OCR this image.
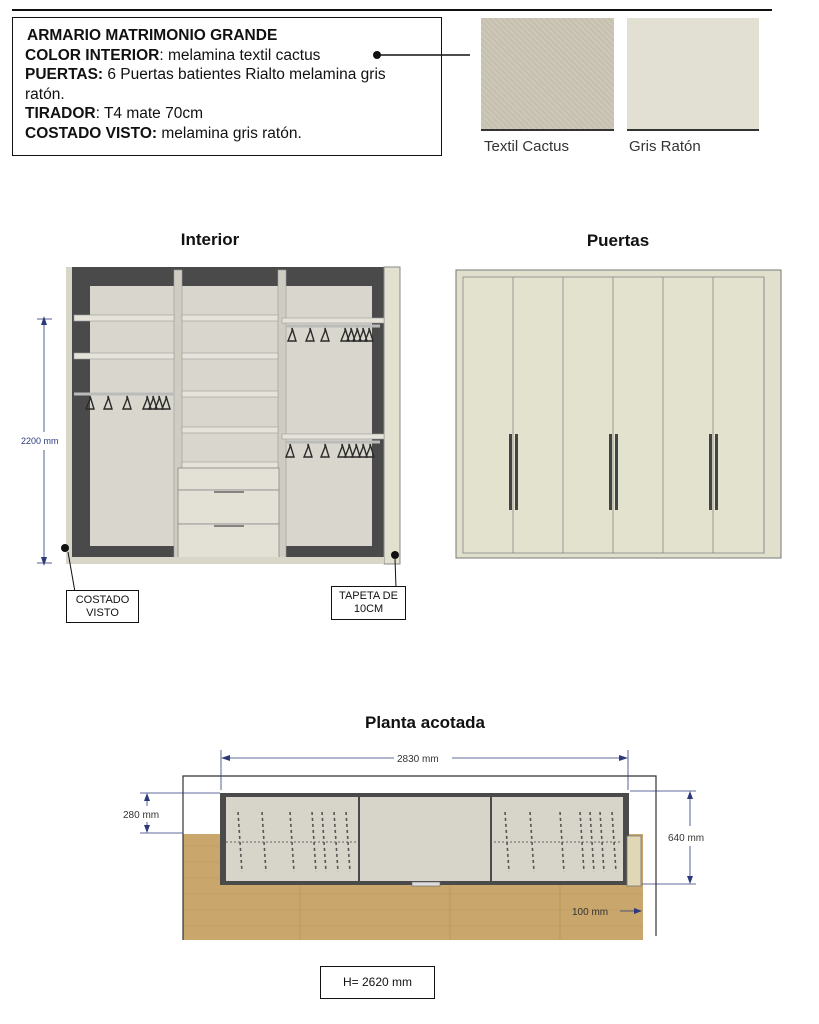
ARMARIO MATRIMONIO GRANDE
COLOR INTERIOR: melamina textil cactus
PUERTAS: 6 Puertas batientes Rialto melamina gris
ratón.
TIRADOR: T4 mate 70cm
COSTADO VISTO: melamina gris ratón.
Textil Cactus	Gris Ratón
Interior	Puertas
Planta acotada
2200 mm
2830 mm
280 mm
640 mm
100 mm
COSTADO
VISTO
TAPETA DE
10CM
H= 2620 mm
